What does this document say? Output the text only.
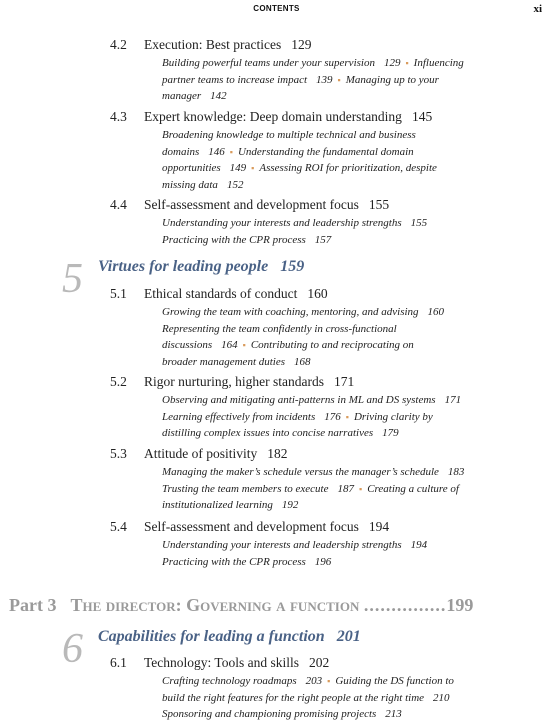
CONTENTS	xi
4.2 Execution: Best practices 129
Building powerful teams under your supervision 129 ▪ Influencing
partner teams to increase impact 139 ▪ Managing up to your
manager 142
4.3 Expert knowledge: Deep domain understanding 145
Broadening knowledge to multiple technical and business
domains 146 ▪ Understanding the fundamental domain
opportunities 149 ▪ Assessing ROI for prioritization, despite
missing data 152
4.4 Self-assessment and development focus 155
Understanding your interests and leadership strengths 155
Practicing with the CPR process 157
5 Virtues for leading people 159
5.1 Ethical standards of conduct 160
Growing the team with coaching, mentoring, and advising 160
Representing the team confidently in cross-functional
discussions 164 ▪ Contributing to and reciprocating on
broader management duties 168
5.2 Rigor nurturing, higher standards 171
Observing and mitigating anti-patterns in ML and DS systems 171
Learning effectively from incidents 176 ▪ Driving clarity by
distilling complex issues into concise narratives 179
5.3 Attitude of positivity 182
Managing the maker’s schedule versus the manager’s schedule 183
Trusting the team members to execute 187 ▪ Creating a culture of
institutionalized learning 192
5.4 Self-assessment and development focus 194
Understanding your interests and leadership strengths 194
Practicing with the CPR process 196
Part 3 The director: Governing a function ...............199
6 Capabilities for leading a function 201
6.1 Technology: Tools and skills 202
Crafting technology roadmaps 203 ▪ Guiding the DS function to
build the right features for the right people at the right time 210
Sponsoring and championing promising projects 213
